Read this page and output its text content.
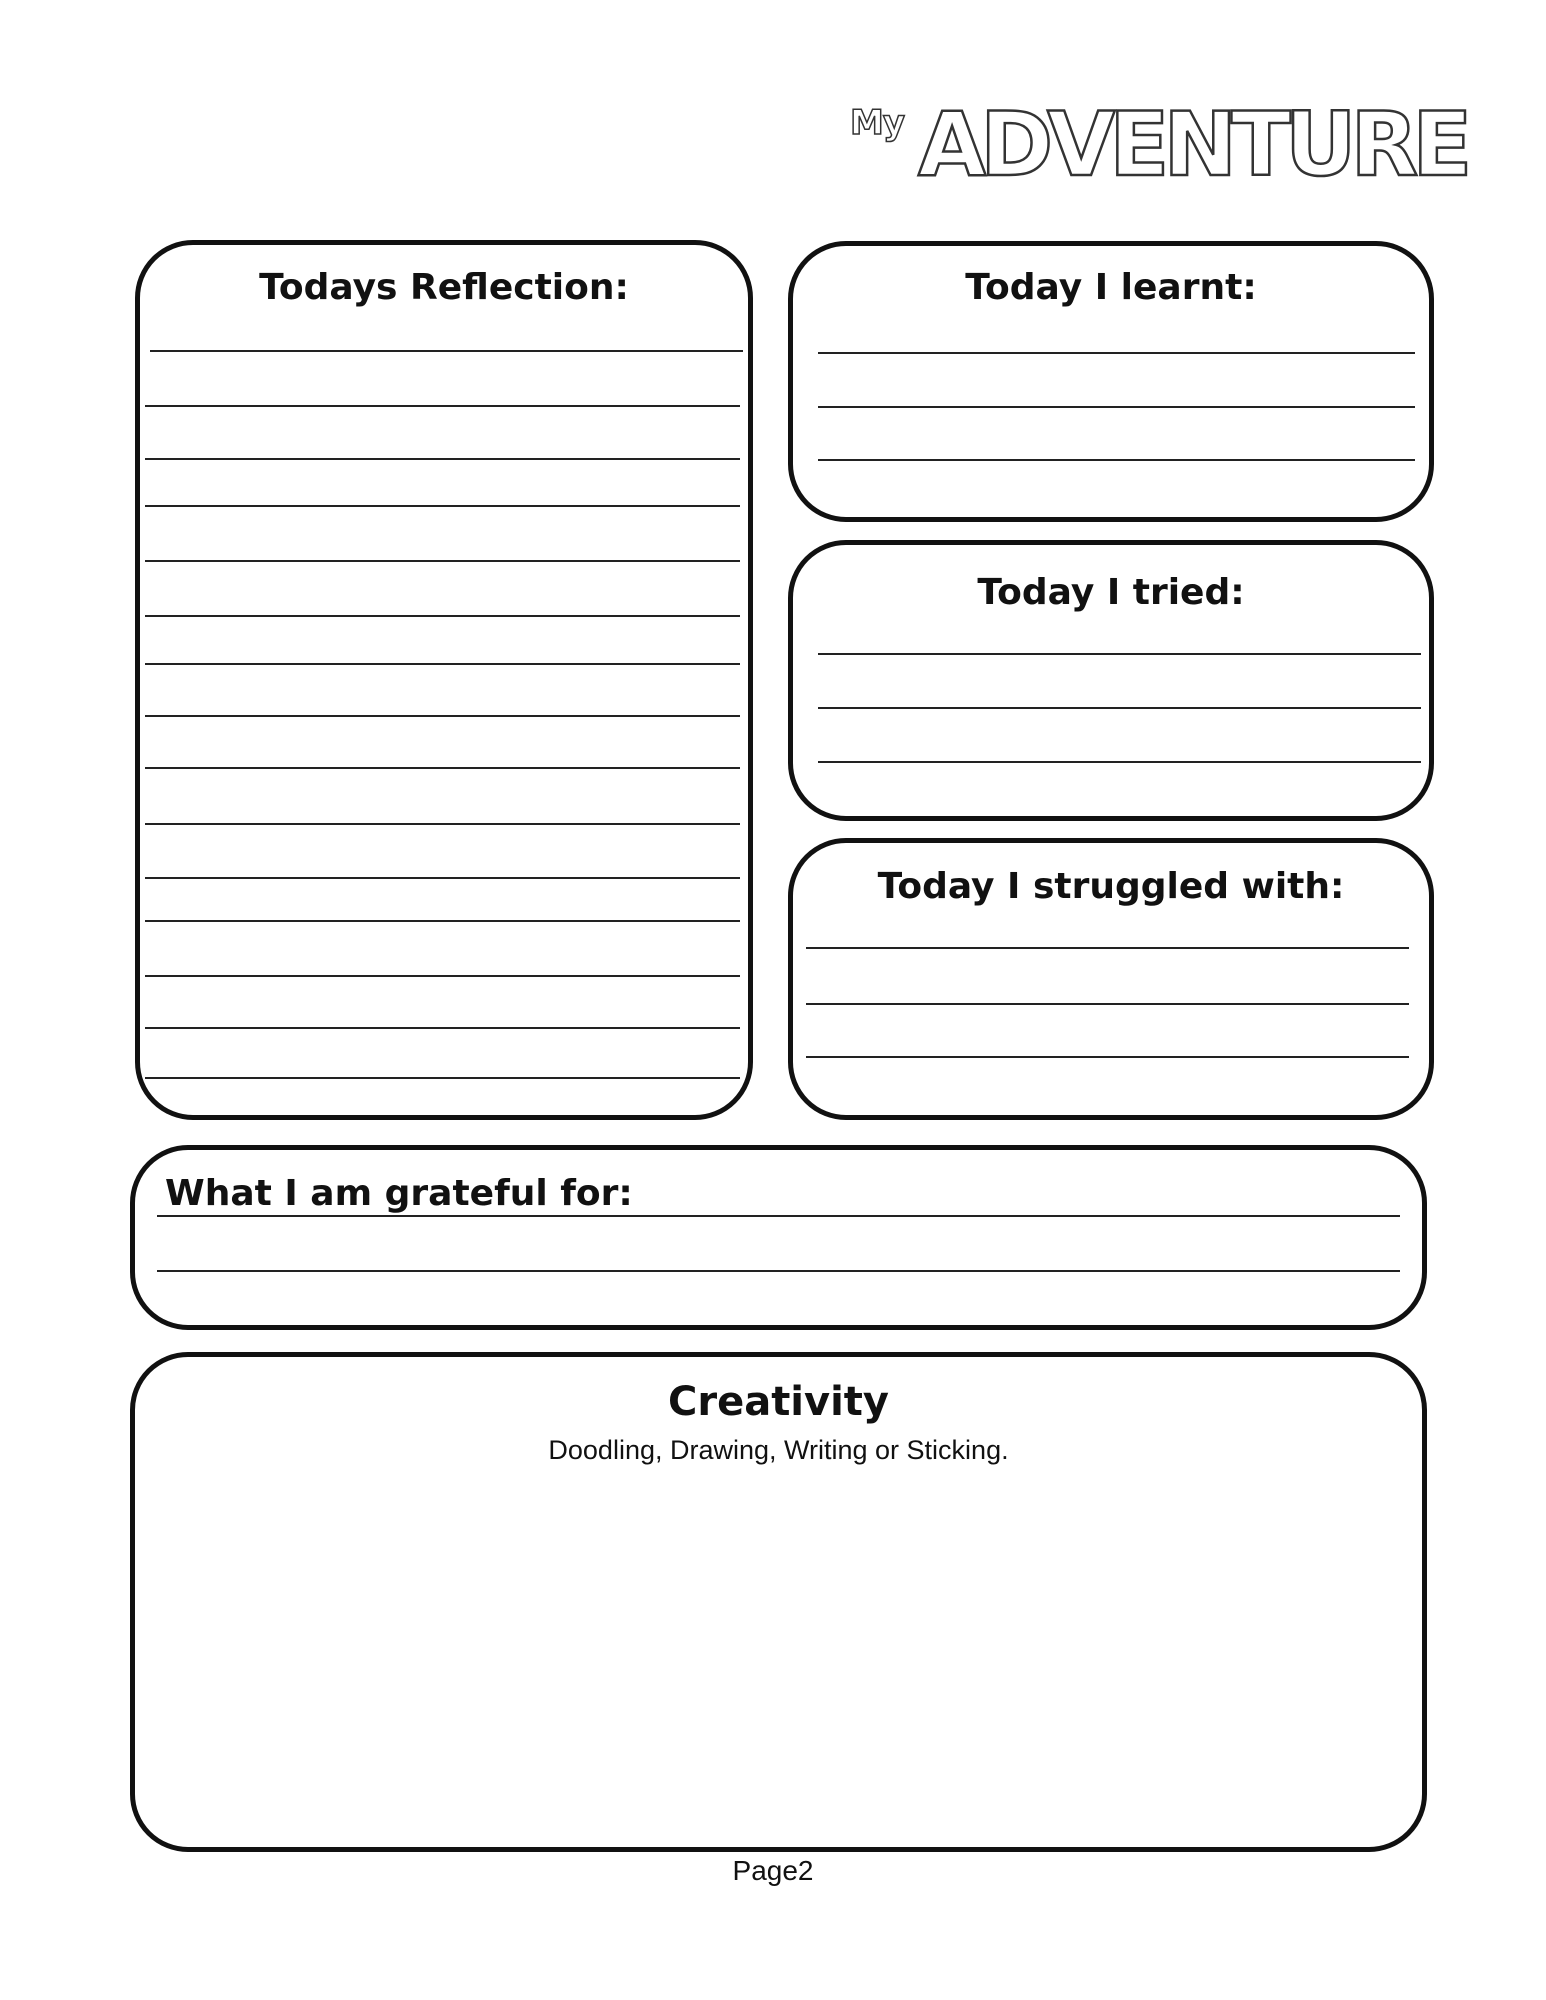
My ADVENTURE
Todays Reflection:	Today I learnt:
Today I tried:
Today I struggled with:
What I am grateful for:
Creativity
Doodling, Drawing, Writing or Sticking.
Page2
